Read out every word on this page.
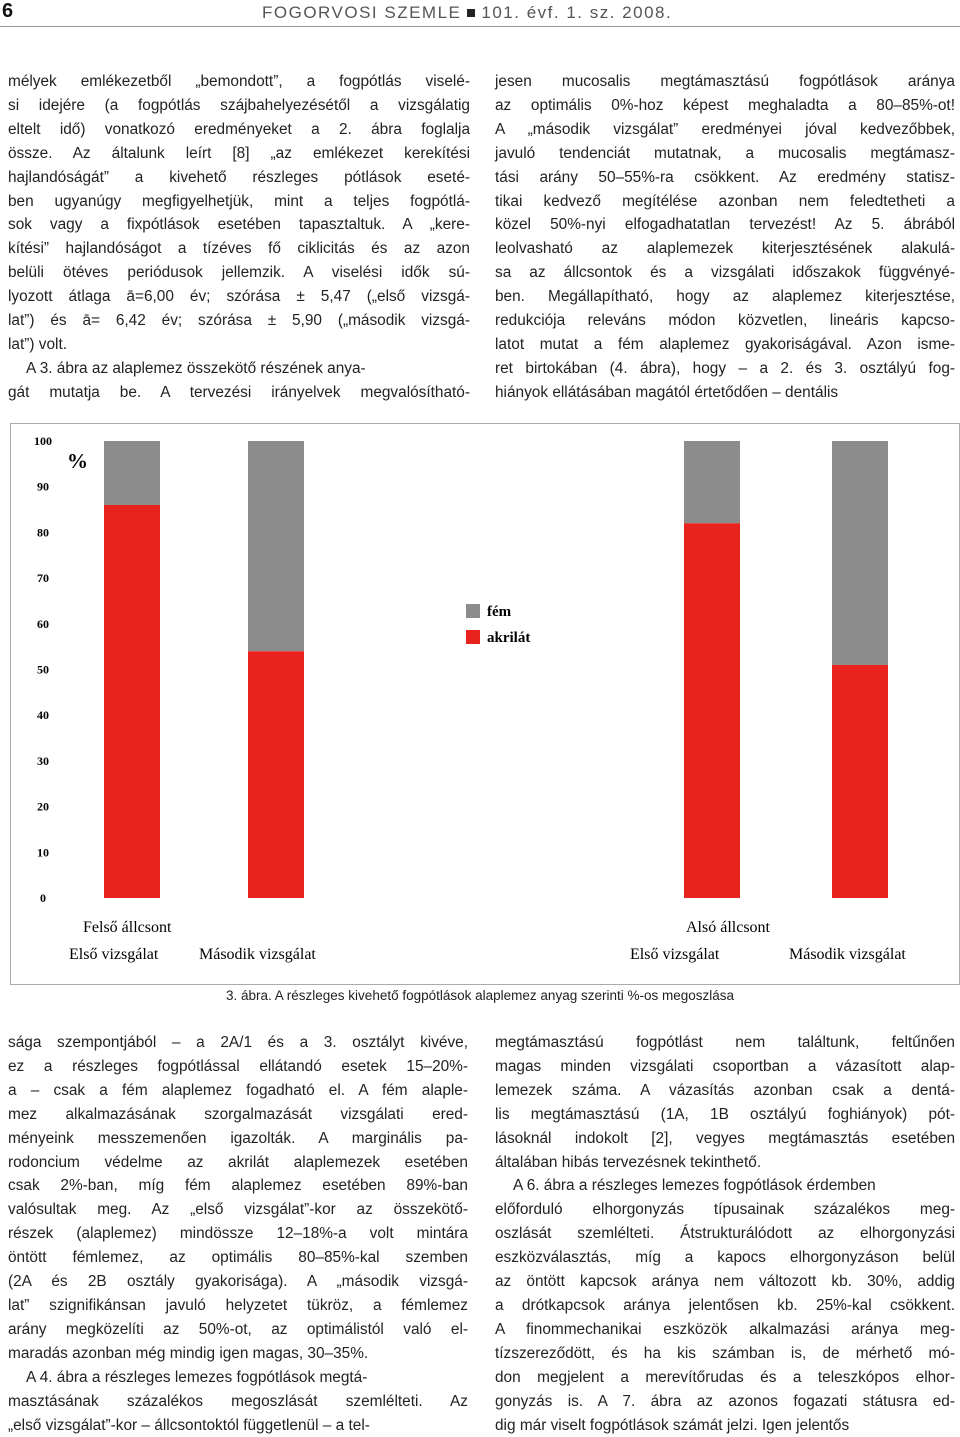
6	FOGORVOSI SZEMLE 101. évf. 1. sz. 2008.
mélyek emlékezetből „bemondott”, a fogpótlás viselé-
si idejére (a fogpótlás szájbahelyezésétől a vizsgálatig
eltelt idő) vonatkozó eredményeket a 2. ábra foglalja
össze. Az általunk leírt [8] „az emlékezet kerekítési
hajlandóságát” a kivehető részleges pótlások eseté-
ben ugyanúgy megfigyelhetjük, mint a teljes fogpótlá-
sok vagy a fixpótlások esetében tapasztaltuk. A „kere-
kítési” hajlandóságot a tízéves fő ciklicitás és az azon
belüli ötéves periódusok jellemzik. A viselési idők sú-
lyozott átlaga ā=6,00 év; szórása ± 5,47 („első vizsgá-
lat”) és ā= 6,42 év; szórása ± 5,90 („második vizsgá-
lat”) volt.
A 3. ábra az alaplemez összekötő részének anya-
gát mutatja be. A tervezési irányelvek megvalósítható-
jesen mucosalis megtámasztású fogpótlások aránya
az optimális 0%-hoz képest meghaladta a 80–85%-ot!
A „második vizsgálat” eredményei jóval kedvezőbbek,
javuló tendenciát mutatnak, a mucosalis megtámasz-
tási arány 50–55%-ra csökkent. Az eredmény statisz-
tikai kedvező megítélése azonban nem feledtetheti a
közel 50%-nyi elfogadhatatlan tervezést! Az 5. ábrából
leolvasható az alaplemezek kiterjesztésének alakulá-
sa az állcsontok és a vizsgálati időszakok függvényé-
ben. Megállapítható, hogy az alaplemez kiterjesztése,
redukciója releváns módon közvetlen, lineáris kapcso-
latot mutat a fém alaplemez gyakoriságával. Azon isme-
ret birtokában (4. ábra), hogy – a 2. és 3. osztályú fog-
hiányok ellátásában magától értetődően – dentális
0
10
20
30
40
50
60
70
80
90
100
%
fém
akrilát
Felső állcsont	Alsó állcsont
Első vizsgálat	Második vizsgálat	Első vizsgálat	Második vizsgálat
3. ábra. A részleges kivehető fogpótlások alaplemez anyag szerinti %-os megoszlása
sága szempontjából – a 2A/1 és a 3. osztályt kivéve,
ez a részleges fogpótlással ellátandó esetek 15–20%-
a – csak a fém alaplemez fogadható el. A fém alaple-
mez alkalmazásának szorgalmazását vizsgálati ered-
ményeink messzemenően igazolták. A marginális pa-
rodoncium védelme az akrilát alaplemezek esetében
csak 2%-ban, míg fém alaplemez esetében 89%-ban
valósultak meg. Az „első vizsgálat”-kor az összekötő-
részek (alaplemez) mindössze 12–18%-a volt mintára
öntött fémlemez, az optimális 80–85%-kal szemben
(2A és 2B osztály gyakorisága). A „második vizsgá-
lat” szignifikánsan javuló helyzetet tükröz, a fémlemez
arány megközelíti az 50%-ot, az optimálistól való el-
maradás azonban még mindig igen magas, 30–35%.
A 4. ábra a részleges lemezes fogpótlások megtá-
masztásának százalékos megoszlását szemlélteti. Az
„első vizsgálat”-kor – állcsontoktól függetlenül – a tel-
megtámasztású fogpótlást nem találtunk, feltűnően
magas minden vizsgálati csoportban a vázasított alap-
lemezek száma. A vázasítás azonban csak a dentá-
lis megtámasztású (1A, 1B osztályú foghiányok) pót-
lásoknál indokolt [2], vegyes megtámasztás esetében
általában hibás tervezésnek tekinthető.
A 6. ábra a részleges lemezes fogpótlások érdemben
előforduló elhorgonyzás típusainak százalékos meg-
oszlását szemlélteti. Átstrukturálódott az elhorgonyzási
eszközválasztás, míg a kapocs elhorgonyzáson belül
az öntött kapcsok aránya nem változott kb. 30%, addig
a drótkapcsok aránya jelentősen kb. 25%-kal csökkent.
A finommechanikai eszközök alkalmazási aránya meg-
tízszereződött, és ha kis számban is, de mérhető mó-
don megjelent a merevítőrudas és a teleszkópos elhor-
gonyzás is. A 7. ábra az azonos fogazati státusra ed-
dig már viselt fogpótlások számát jelzi. Igen jelentős
